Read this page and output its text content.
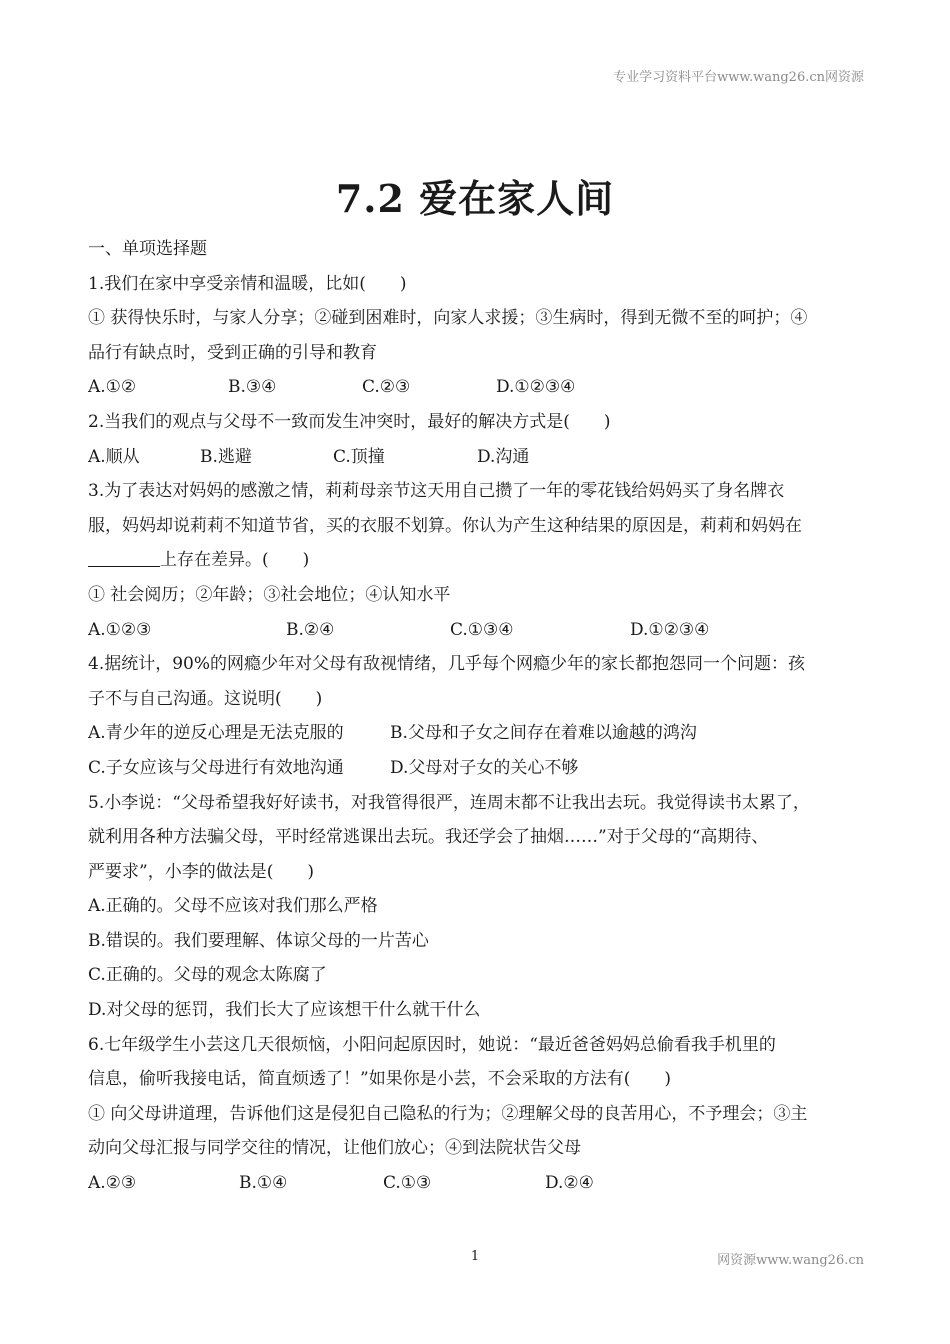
专业学习资料平台www.wang26.cn网资源
7.2 爱在家人间
一、单项选择题
1.我们在家中享受亲情和温暖，比如(　　)
① 获得快乐时，与家人分享；②碰到困难时，向家人求援；③生病时，得到无微不至的呵护；④
品行有缺点时，受到正确的引导和教育
A.①②	B.③④	C.②③	D.①②③④
2.当我们的观点与父母不一致而发生冲突时，最好的解决方式是(　　)
A.顺从	B.逃避	C.顶撞	D.沟通
3.为了表达对妈妈的感激之情，莉莉母亲节这天用自己攒了一年的零花钱给妈妈买了身名牌衣
服，妈妈却说莉莉不知道节省，买的衣服不划算。你认为产生这种结果的原因是，莉莉和妈妈在
上存在差异。(　　)
① 社会阅历；②年龄；③社会地位；④认知水平
A.①②③	B.②④	C.①③④	D.①②③④
4.据统计，90%的网瘾少年对父母有敌视情绪，几乎每个网瘾少年的家长都抱怨同一个问题：孩
子不与自己沟通。这说明(　　)
A.青少年的逆反心理是无法克服的	B.父母和子女之间存在着难以逾越的鸿沟
C.子女应该与父母进行有效地沟通	D.父母对子女的关心不够
5.小李说：“父母希望我好好读书，对我管得很严，连周末都不让我出去玩。我觉得读书太累了，
就利用各种方法骗父母，平时经常逃课出去玩。我还学会了抽烟……”对于父母的“高期待、
严要求”，小李的做法是(　　)
A.正确的。父母不应该对我们那么严格
B.错误的。我们要理解、体谅父母的一片苦心
C.正确的。父母的观念太陈腐了
D.对父母的惩罚，我们长大了应该想干什么就干什么
6.七年级学生小芸这几天很烦恼，小阳问起原因时，她说：“最近爸爸妈妈总偷看我手机里的
信息，偷听我接电话，简直烦透了！”如果你是小芸，不会采取的方法有(　　)
① 向父母讲道理，告诉他们这是侵犯自己隐私的行为；②理解父母的良苦用心，不予理会；③主
动向父母汇报与同学交往的情况，让他们放心；④到法院状告父母
A.②③	B.①④	C.①③	D.②④
1	网资源www.wang26.cn
